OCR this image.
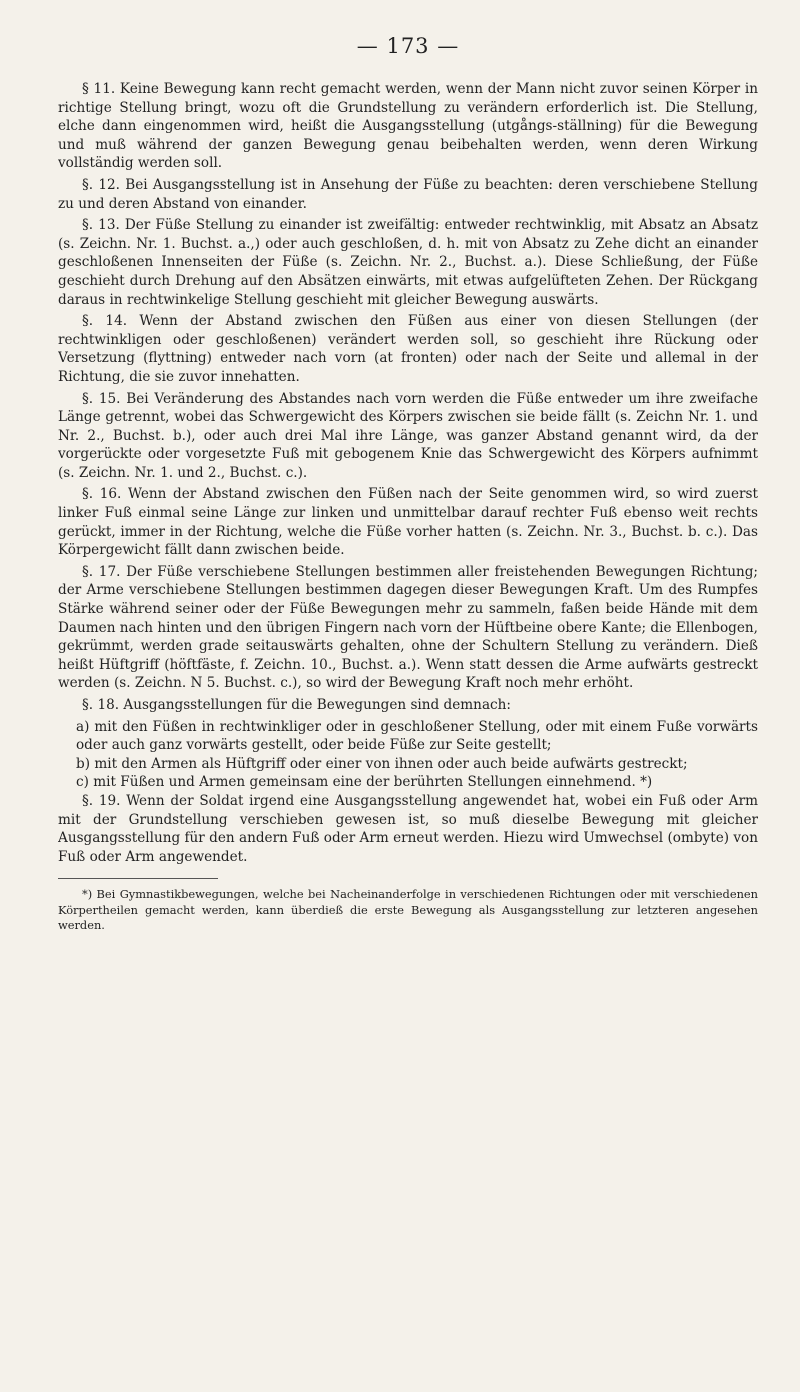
— 173 —

§ 11. Keine Bewegung kann recht gemacht werden, wenn der Mann nicht zuvor seinen Körper in richtige Stellung bringt, wozu oft die Grundstellung zu verändern erforderlich ist. Die Stellung, elche dann eingenommen wird, heißt die Ausgangsstellung (utgångs-ställning) für die Bewegung und muß während der ganzen Bewegung genau beibehalten werden, wenn deren Wirkung vollständig werden soll.

§. 12. Bei Ausgangsstellung ist in Ansehung der Füße zu beachten: deren verschiebene Stellung zu und deren Abstand von einander.

§. 13. Der Füße Stellung zu einander ist zweifältig: entweder rechtwinklig, mit Absatz an Absatz (s. Zeichn. Nr. 1. Buchst. a.,) oder auch geschloßen, d. h. mit von Absatz zu Zehe dicht an einander geschloßenen Innenseiten der Füße (s. Zeichn. Nr. 2., Buchst. a.). Diese Schließung, der Füße geschieht durch Drehung auf den Absätzen einwärts, mit etwas aufgelüfteten Zehen. Der Rückgang daraus in rechtwinkelige Stellung geschieht mit gleicher Bewegung auswärts.

§. 14. Wenn der Abstand zwischen den Füßen aus einer von diesen Stellungen (der rechtwinkligen oder geschloßenen) verändert werden soll, so geschieht ihre Rückung oder Versetzung (flyttning) entweder nach vorn (at fronten) oder nach der Seite und allemal in der Richtung, die sie zuvor innehatten.

§. 15. Bei Veränderung des Abstandes nach vorn werden die Füße entweder um ihre zweifache Länge getrennt, wobei das Schwergewicht des Körpers zwischen sie beide fällt (s. Zeichn Nr. 1. und Nr. 2., Buchst. b.), oder auch drei Mal ihre Länge, was ganzer Abstand genannt wird, da der vorgerückte oder vorgesetzte Fuß mit gebogenem Knie das Schwergewicht des Körpers aufnimmt (s. Zeichn. Nr. 1. und 2., Buchst. c.).

§. 16. Wenn der Abstand zwischen den Füßen nach der Seite genommen wird, so wird zuerst linker Fuß einmal seine Länge zur linken und unmittelbar darauf rechter Fuß ebenso weit rechts gerückt, immer in der Richtung, welche die Füße vorher hatten (s. Zeichn. Nr. 3., Buchst. b. c.). Das Körpergewicht fällt dann zwischen beide.

§. 17. Der Füße verschiebene Stellungen bestimmen aller freistehenden Bewegungen Richtung; der Arme verschiebene Stellungen bestimmen dagegen dieser Bewegungen Kraft. Um des Rumpfes Stärke während seiner oder der Füße Bewegungen mehr zu sammeln, faßen beide Hände mit dem Daumen nach hinten und den übrigen Fingern nach vorn der Hüftbeine obere Kante; die Ellenbogen, gekrümmt, werden grade seitauswärts gehalten, ohne der Schultern Stellung zu verändern. Dieß heißt Hüftgriff (höftfäste, f. Zeichn. 10., Buchst. a.). Wenn statt dessen die Arme aufwärts gestreckt werden (s. Zeichn. N 5. Buchst. c.), so wird der Bewegung Kraft noch mehr erhöht.

§. 18. Ausgangsstellungen für die Bewegungen sind demnach:

a) mit den Füßen in rechtwinkliger oder in geschloßener Stellung, oder mit einem Fuße vorwärts oder auch ganz vorwärts gestellt, oder beide Füße zur Seite gestellt;

b) mit den Armen als Hüftgriff oder einer von ihnen oder auch beide aufwärts gestreckt;

c) mit Füßen und Armen gemeinsam eine der berührten Stellungen einnehmend. *)

§. 19. Wenn der Soldat irgend eine Ausgangsstellung angewendet hat, wobei ein Fuß oder Arm mit der Grundstellung verschieben gewesen ist, so muß dieselbe Bewegung mit gleicher Ausgangsstellung für den andern Fuß oder Arm erneut werden. Hiezu wird Umwechsel (ombyte) von Fuß oder Arm angewendet.

*) Bei Gymnastikbewegungen, welche bei Nacheinanderfolge in verschiedenen Richtungen oder mit verschiedenen Körpertheilen gemacht werden, kann überdieß die erste Bewegung als Ausgangsstellung zur letzteren angesehen werden.
